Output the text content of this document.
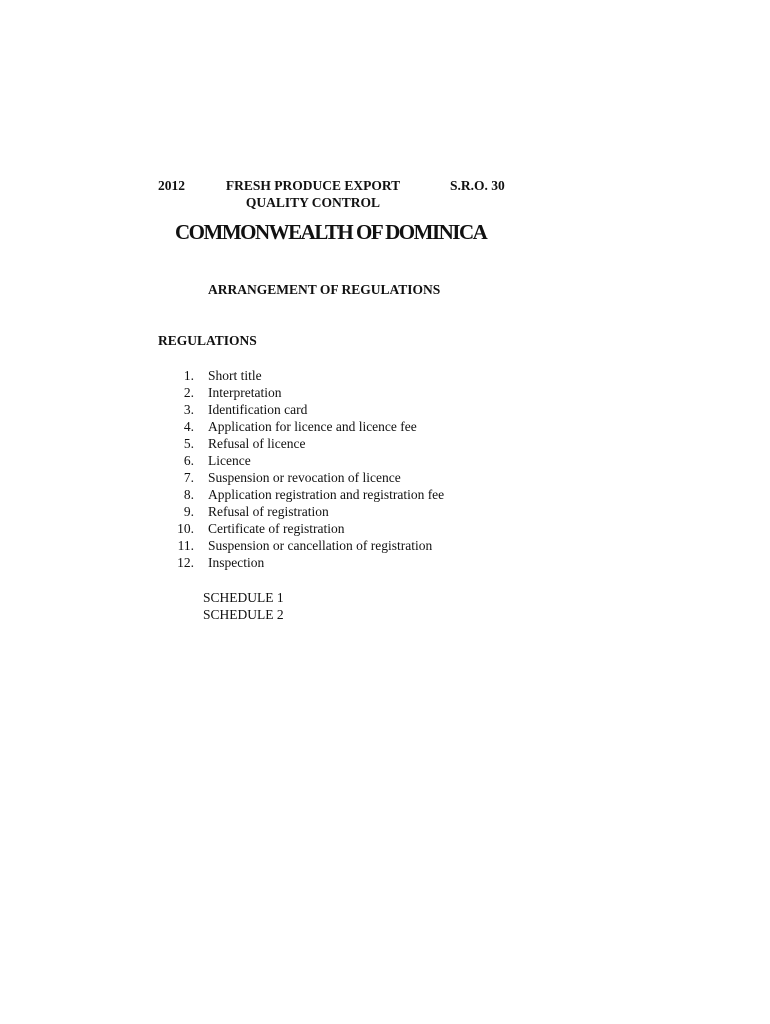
2012	FRESH PRODUCE EXPORT
QUALITY CONTROL
S.R.O. 30
COMMONWEALTH OF DOMINICA
ARRANGEMENT OF REGULATIONS
REGULATIONS
1.	Short title
2.	Interpretation
3.	Identification card
4.	Application for licence and licence fee
5.	Refusal of licence
6.	Licence
7.	Suspension or revocation of licence
8.	Application registration and registration fee
9.	Refusal of registration
10.	Certificate of registration
11.	Suspension or cancellation of registration
12.	Inspection
SCHEDULE 1
SCHEDULE 2
